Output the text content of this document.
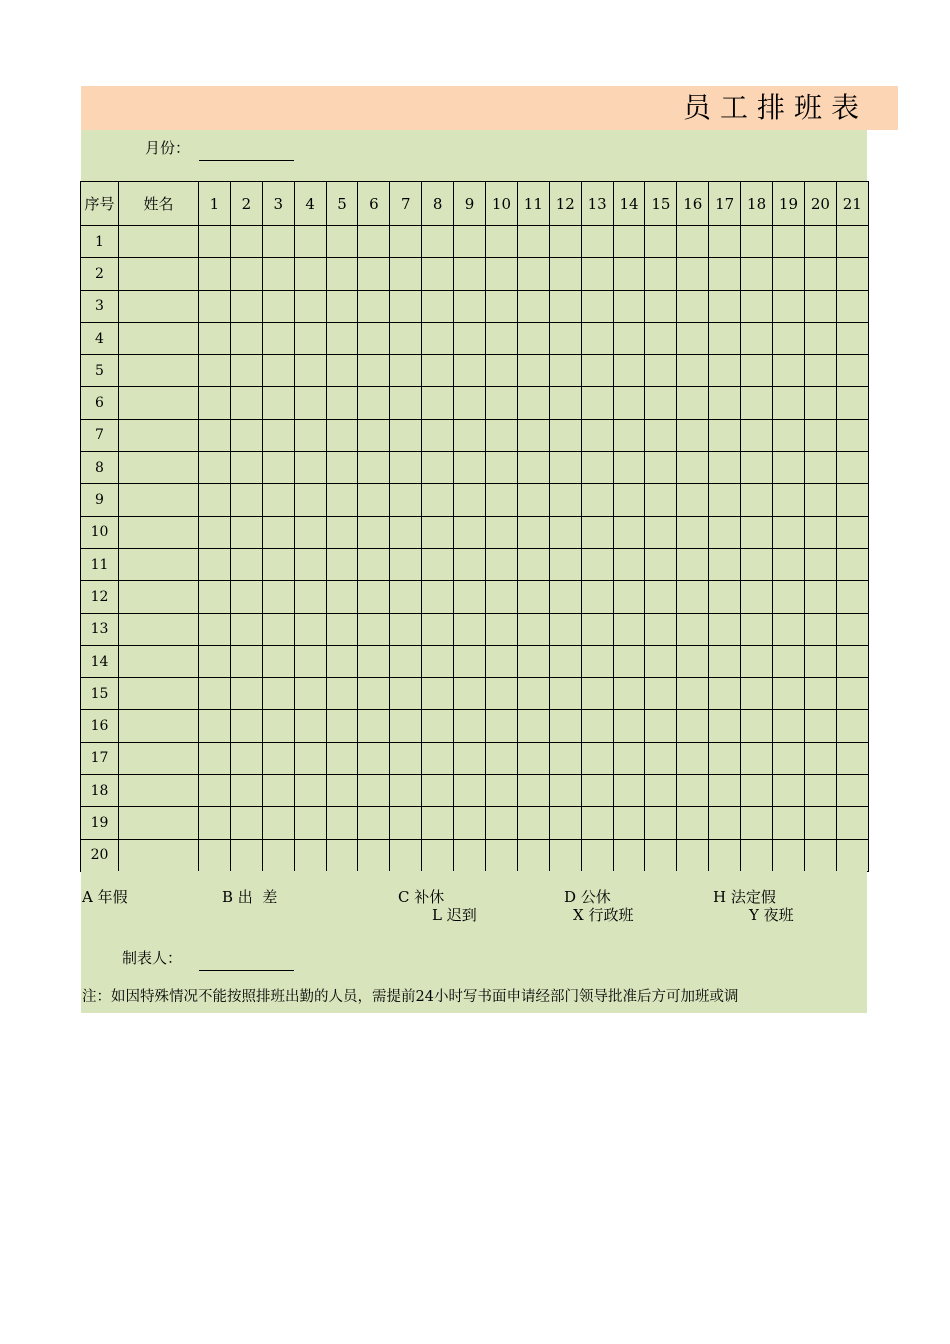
员工排班表
月份：
序号	姓名	1	2	3	4	5	6	7	8	9	10	11	12	13	14	15	16	17	18	19	20	21
1																						
2																						
3																						
4																						
5																						
6																						
7																						
8																						
9																						
10																						
11																						
12																						
13																						
14																						
15																						
16																						
17																						
18																						
19																						
20																						
A 年假	B 出  差	C 补休	D 公休	H 法定假
L 迟到	X 行政班	Y 夜班
制表人：
注：如因特殊情况不能按照排班出勤的人员，需提前24小时写书面申请经部门领导批准后方可加班或调
